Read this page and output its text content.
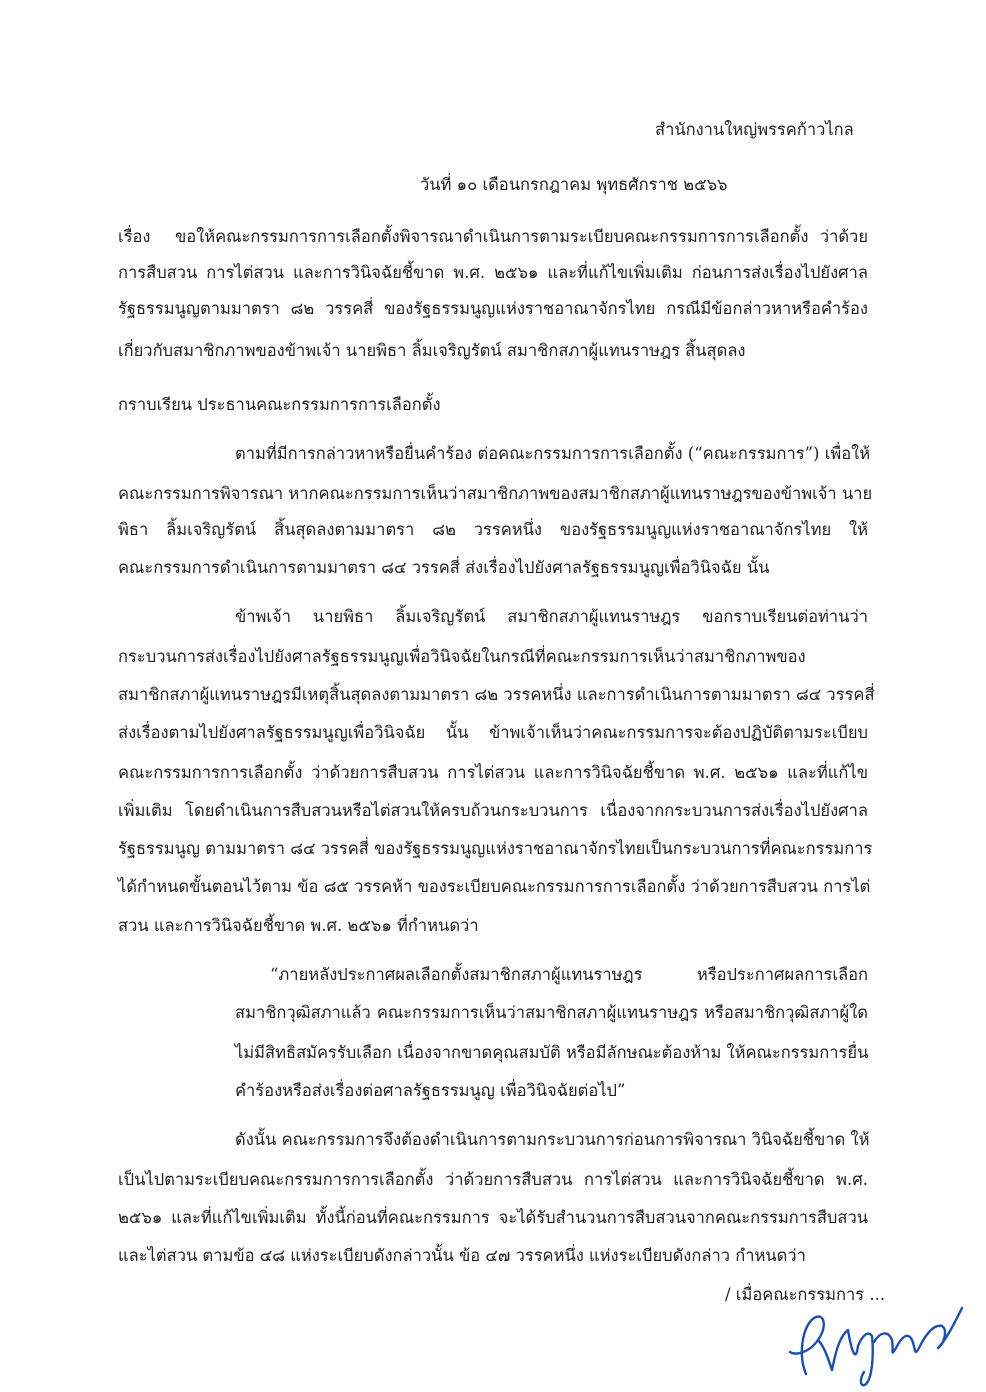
สำนักงานใหญ่พรรคก้าวไกล
วันที่ ๑๐ เดือนกรกฎาคม พุทธศักราช ๒๕๖๖
เรื่อง ขอให้คณะกรรมการการเลือกตั้งพิจารณาดำเนินการตามระเบียบคณะกรรมการการเลือกตั้ง ว่าด้วย
การสืบสวน การไต่สวน และการวินิจฉัยชี้ขาด พ.ศ. ๒๕๖๑ และที่แก้ไขเพิ่มเติม ก่อนการส่งเรื่องไปยังศาล
รัฐธรรมนูญตามมาตรา ๘๒ วรรคสี่ ของรัฐธรรมนูญแห่งราชอาณาจักรไทย กรณีมีข้อกล่าวหาหรือคำร้อง
เกี่ยวกับสมาชิกภาพของข้าพเจ้า นายพิธา ลิ้มเจริญรัตน์ สมาชิกสภาผู้แทนราษฎร สิ้นสุดลง
กราบเรียน ประธานคณะกรรมการการเลือกตั้ง
ตามที่มีการกล่าวหาหรือยื่นคำร้อง ต่อคณะกรรมการการเลือกตั้ง (“คณะกรรมการ”) เพื่อให้
คณะกรรมการพิจารณา หากคณะกรรมการเห็นว่าสมาชิกภาพของสมาชิกสภาผู้แทนราษฎรของข้าพเจ้า นาย
พิธา ลิ้มเจริญรัตน์ สิ้นสุดลงตามมาตรา ๘๒ วรรคหนึ่ง ของรัฐธรรมนูญแห่งราชอาณาจักรไทย ให้
คณะกรรมการดำเนินการตามมาตรา ๘๔ วรรคสี่ ส่งเรื่องไปยังศาลรัฐธรรมนูญเพื่อวินิจฉัย นั้น
ข้าพเจ้า นายพิธา ลิ้มเจริญรัตน์ สมาชิกสภาผู้แทนราษฎร ขอกราบเรียนต่อท่านว่า
กระบวนการส่งเรื่องไปยังศาลรัฐธรรมนูญเพื่อวินิจฉัยในกรณีที่คณะกรรมการเห็นว่าสมาชิกภาพของ
สมาชิกสภาผู้แทนราษฎรมีเหตุสิ้นสุดลงตามมาตรา ๘๒ วรรคหนึ่ง และการดำเนินการตามมาตรา ๘๔ วรรคสี่
ส่งเรื่องตามไปยังศาลรัฐธรรมนูญเพื่อวินิจฉัย นั้น ข้าพเจ้าเห็นว่าคณะกรรมการจะต้องปฏิบัติตามระเบียบ
คณะกรรมการการเลือกตั้ง ว่าด้วยการสืบสวน การไต่สวน และการวินิจฉัยชี้ขาด พ.ศ. ๒๕๖๑ และที่แก้ไข
เพิ่มเติม โดยดำเนินการสืบสวนหรือไต่สวนให้ครบถ้วนกระบวนการ เนื่องจากกระบวนการส่งเรื่องไปยังศาล
รัฐธรรมนูญ ตามมาตรา ๘๔ วรรคสี่ ของรัฐธรรมนูญแห่งราชอาณาจักรไทยเป็นกระบวนการที่คณะกรรมการ
ได้กำหนดขั้นตอนไว้ตาม ข้อ ๘๕ วรรคห้า ของระเบียบคณะกรรมการการเลือกตั้ง ว่าด้วยการสืบสวน การไต่
สวน และการวินิจฉัยชี้ขาด พ.ศ. ๒๕๖๑ ที่กำหนดว่า
“ภายหลังประกาศผลเลือกตั้งสมาชิกสภาผู้แทนราษฎร หรือประกาศผลการเลือก
สมาชิกวุฒิสภาแล้ว คณะกรรมการเห็นว่าสมาชิกสภาผู้แทนราษฎร หรือสมาชิกวุฒิสภาผู้ใด
ไม่มีสิทธิสมัครรับเลือก เนื่องจากขาดคุณสมบัติ หรือมีลักษณะต้องห้าม ให้คณะกรรมการยื่น
คำร้องหรือส่งเรื่องต่อศาลรัฐธรรมนูญ เพื่อวินิจฉัยต่อไป”
ดังนั้น คณะกรรมการจึงต้องดำเนินการตามกระบวนการก่อนการพิจารณา วินิจฉัยชี้ขาด ให้
เป็นไปตามระเบียบคณะกรรมการการเลือกตั้ง ว่าด้วยการสืบสวน การไต่สวน และการวินิจฉัยชี้ขาด พ.ศ.
๒๕๖๑ และที่แก้ไขเพิ่มเติม ทั้งนี้ก่อนที่คณะกรรมการ จะได้รับสำนวนการสืบสวนจากคณะกรรมการสืบสวน
และไต่สวน ตามข้อ ๔๘ แห่งระเบียบดังกล่าวนั้น ข้อ ๔๗ วรรคหนึ่ง แห่งระเบียบดังกล่าว กำหนดว่า
/ เมื่อคณะกรรมการ ...
